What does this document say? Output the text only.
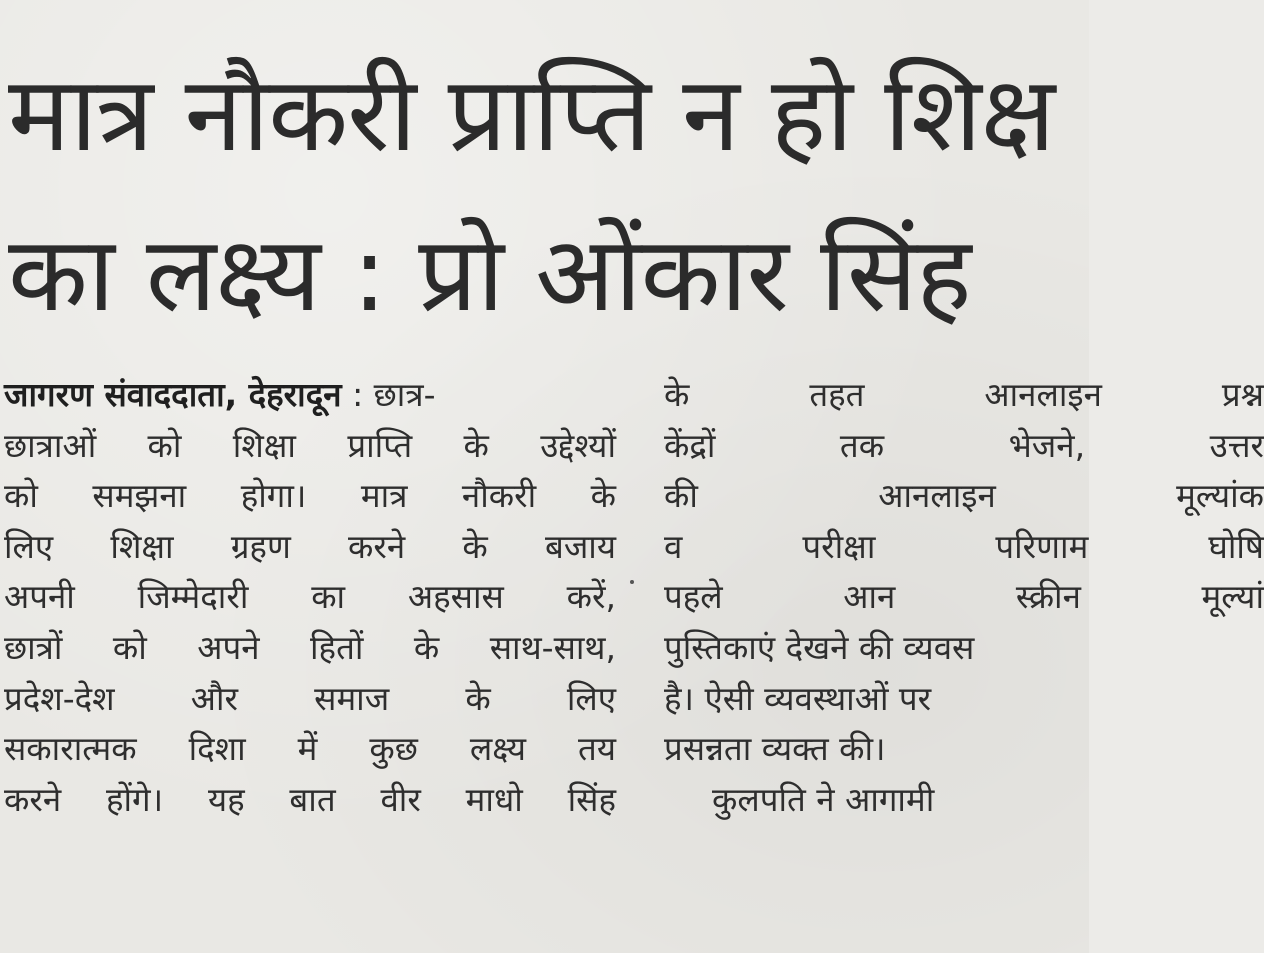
मात्र नौकरी प्राप्ति न हो शिक्ष
का लक्ष्य : प्रो ओंकार सिंह
जागरण संवाददाता, देहरादून : छात्र-
छात्राओं को शिक्षा प्राप्ति के उद्देश्यों
को समझना होगा। मात्र नौकरी के
लिए शिक्षा ग्रहण करने के बजाय
अपनी जिम्मेदारी का अहसास करें,
छात्रों को अपने हितों के साथ-साथ,
प्रदेश-देश और समाज के लिए
सकारात्मक दिशा में कुछ लक्ष्य तय
करने होंगे। यह बात वीर माधो सिंह
के तहत आनलाइन प्रश्न
केंद्रों तक भेजने, उत्तर
की आनलाइन मूल्यांक
व परीक्षा परिणाम घोषि
पहले आन स्क्रीन मूल्यां
पुस्तिकाएं देखने की व्यवस
है। ऐसी व्यवस्थाओं पर
प्रसन्नता व्यक्त की।
कुलपति ने आगामी
